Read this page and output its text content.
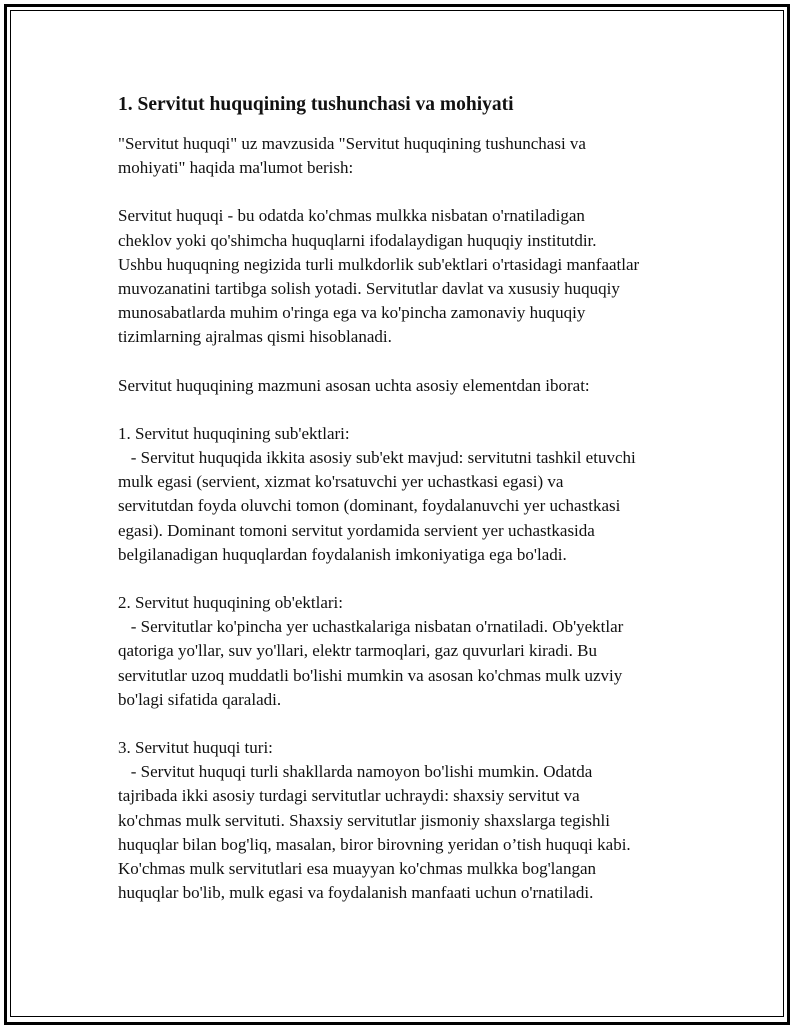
1. Servitut huquqining tushunchasi va mohiyati
"Servitut huquqi" uz mavzusida "Servitut huquqining tushunchasi va
mohiyati" haqida ma'lumot berish:
Servitut huquqi - bu odatda ko'chmas mulkka nisbatan o'rnatiladigan
cheklov yoki qo'shimcha huquqlarni ifodalaydigan huquqiy institutdir.
Ushbu huquqning negizida turli mulkdorlik sub'ektlari o'rtasidagi manfaatlar
muvozanatini tartibga solish yotadi. Servitutlar davlat va xususiy huquqiy
munosabatlarda muhim o'ringa ega va ko'pincha zamonaviy huquqiy
tizimlarning ajralmas qismi hisoblanadi.
Servitut huquqining mazmuni asosan uchta asosiy elementdan iborat:
1. Servitut huquqining sub'ektlari:
- Servitut huquqida ikkita asosiy sub'ekt mavjud: servitutni tashkil etuvchi
mulk egasi (servient, xizmat ko'rsatuvchi yer uchastkasi egasi) va
servitutdan foyda oluvchi tomon (dominant, foydalanuvchi yer uchastkasi
egasi). Dominant tomoni servitut yordamida servient yer uchastkasida
belgilanadigan huquqlardan foydalanish imkoniyatiga ega bo'ladi.
2. Servitut huquqining ob'ektlari:
- Servitutlar ko'pincha yer uchastkalariga nisbatan o'rnatiladi. Ob'yektlar
qatoriga yo'llar, suv yo'llari, elektr tarmoqlari, gaz quvurlari kiradi. Bu
servitutlar uzoq muddatli bo'lishi mumkin va asosan ko'chmas mulk uzviy
bo'lagi sifatida qaraladi.
3. Servitut huquqi turi:
- Servitut huquqi turli shakllarda namoyon bo'lishi mumkin. Odatda
tajribada ikki asosiy turdagi servitutlar uchraydi: shaxsiy servitut va
ko'chmas mulk servituti. Shaxsiy servitutlar jismoniy shaxslarga tegishli
huquqlar bilan bog'liq, masalan, biror birovning yeridan o’tish huquqi kabi.
Ko'chmas mulk servitutlari esa muayyan ko'chmas mulkka bog'langan
huquqlar bo'lib, mulk egasi va foydalanish manfaati uchun o'rnatiladi.
